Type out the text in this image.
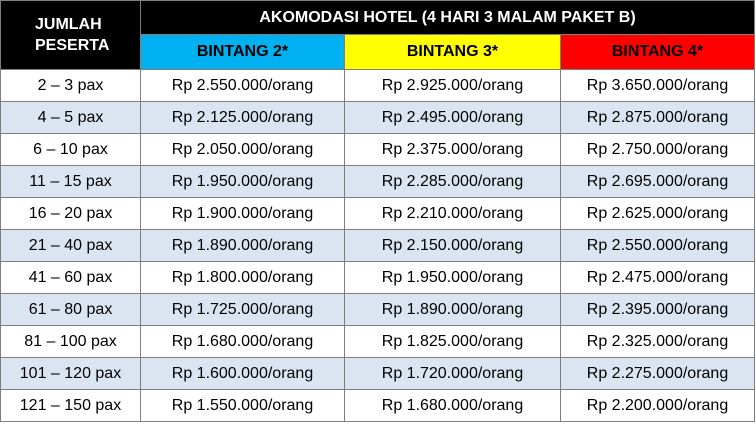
JUMLAH
PESERTA	AKOMODASI HOTEL (4 HARI 3 MALAM PAKET B)		
	BINTANG 2*	BINTANG 3*	BINTANG 4*
2 – 3 pax	Rp 2.550.000/orang	Rp 2.925.000/orang	Rp 3.650.000/orang
4 – 5 pax	Rp 2.125.000/orang	Rp 2.495.000/orang	Rp 2.875.000/orang
6 – 10 pax	Rp 2.050.000/orang	Rp 2.375.000/orang	Rp 2.750.000/orang
11 – 15 pax	Rp 1.950.000/orang	Rp 2.285.000/orang	Rp 2.695.000/orang
16 – 20 pax	Rp 1.900.000/orang	Rp 2.210.000/orang	Rp 2.625.000/orang
21 – 40 pax	Rp 1.890.000/orang	Rp 2.150.000/orang	Rp 2.550.000/orang
41 – 60 pax	Rp 1.800.000/orang	Rp 1.950.000/orang	Rp 2.475.000/orang
61 – 80 pax	Rp 1.725.000/orang	Rp 1.890.000/orang	Rp 2.395.000/orang
81 – 100 pax	Rp 1.680.000/orang	Rp 1.825.000/orang	Rp 2.325.000/orang
101 – 120 pax	Rp 1.600.000/orang	Rp 1.720.000/orang	Rp 2.275.000/orang
121 – 150 pax	Rp 1.550.000/orang	Rp 1.680.000/orang	Rp 2.200.000/orang
